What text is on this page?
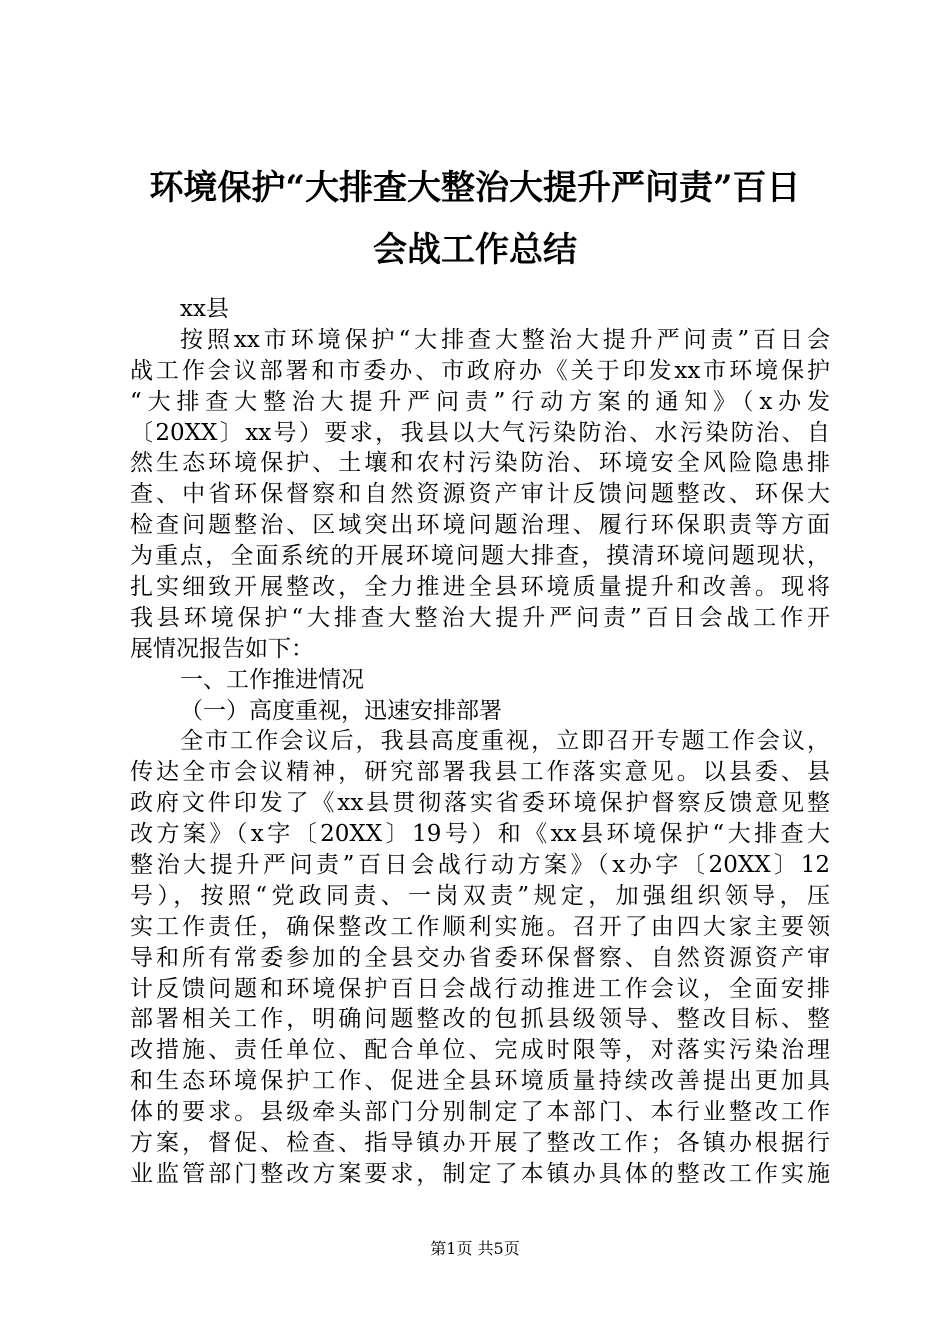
环境保护“大排查大整治大提升严问责”百日
会战工作总结
xx县
按照xx市环境保护“大排查大整治大提升严问责”百日会
战工作会议部署和市委办、市政府办《关于印发xx市环境保护
“大排查大整治大提升严问责”行动方案的通知》（x办发
〔20XX〕xx号）要求，我县以大气污染防治、水污染防治、自
然生态环境保护、土壤和农村污染防治、环境安全风险隐患排
查、中省环保督察和自然资源资产审计反馈问题整改、环保大
检查问题整治、区域突出环境问题治理、履行环保职责等方面
为重点，全面系统的开展环境问题大排查，摸清环境问题现状，
扎实细致开展整改，全力推进全县环境质量提升和改善。现将
我县环境保护“大排查大整治大提升严问责”百日会战工作开
展情况报告如下：
一、工作推进情况
（一）高度重视，迅速安排部署
全市工作会议后，我县高度重视，立即召开专题工作会议，
传达全市会议精神，研究部署我县工作落实意见。以县委、县
政府文件印发了《xx县贯彻落实省委环境保护督察反馈意见整
改方案》（x字〔20XX〕19号）和《xx县环境保护“大排查大
整治大提升严问责”百日会战行动方案》（x办字〔20XX〕12
号），按照“党政同责、一岗双责”规定，加强组织领导，压
实工作责任，确保整改工作顺利实施。召开了由四大家主要领
导和所有常委参加的全县交办省委环保督察、自然资源资产审
计反馈问题和环境保护百日会战行动推进工作会议，全面安排
部署相关工作，明确问题整改的包抓县级领导、整改目标、整
改措施、责任单位、配合单位、完成时限等，对落实污染治理
和生态环境保护工作、促进全县环境质量持续改善提出更加具
体的要求。县级牵头部门分别制定了本部门、本行业整改工作
方案，督促、检查、指导镇办开展了整改工作；各镇办根据行
业监管部门整改方案要求，制定了本镇办具体的整改工作实施
第1页 共5页
